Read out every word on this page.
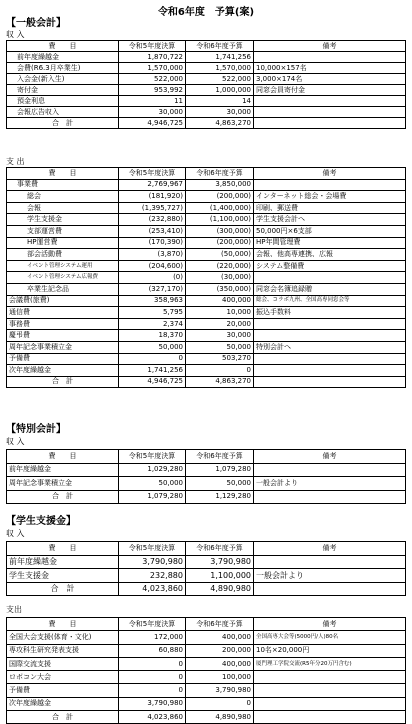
令和6年度　予算(案)
【一般会計】
収 入
費　　目	令和5年度決算	令和6年度予算	備考
前年度繰越金	1,870,722	1,741,256	
会費(R6.3月卒業生)	1,570,000	1,570,000	10,000×157名
入会金(新入生)	522,000	522,000	3,000×174名
寄付金	953,992	1,000,000	同窓会員寄付金
預金利息	11	14	
会報広告収入	30,000	30,000	
合　計	4,946,725	4,863,270	
支 出
費　　目	令和5年度決算	令和6年度予算	備考
事業費	2,769,967	3,850,000	
総会	(181,920)	(200,000)	インターネット総会・会場費
会報	(1,395,727)	(1,400,000)	印刷、郵送費
学生支援金	(232,880)	(1,100,000)	学生支援会計へ
支部運営費	(253,410)	(300,000)	50,000円×6支部
HP運営費	(170,390)	(200,000)	HP年間管理費
部会活動費	(3,870)	(50,000)	会報、他高専連携、広報
イベント管理システム運用	(204,600)	(220,000)	システム整備費
イベント管理システム広報費	(0)	(30,000)	
卒業生記念品	(327,170)	(350,000)	同窓会名簿追録贈
会議費(旅費)	358,963	400,000	総会、コラボ九州、全国高専同窓会等
通信費	5,795	10,000	振込手数料
事務費	2,374	20,000	
慶弔費	18,370	30,000	
周年記念事業積立金	50,000	50,000	特別会計へ
予備費	0	503,270	
次年度繰越金	1,741,256	0	
合　計	4,946,725	4,863,270	
【特別会計】
収 入
費　　目	令和5年度決算	令和6年度予算	備考
前年度繰越金	1,029,280	1,079,280	
周年記念事業積立金	50,000	50,000	一般会計より
合　計	1,079,280	1,129,280	
【学生支援金】
収 入
費　　目	令和5年度決算	令和6年度予算	備考
前年度繰越金	3,790,980	3,790,980	
学生支援金	232,880	1,100,000	一般会計より
合　計	4,023,860	4,890,980	
支出
費　　目	令和5年度決算	令和6年度予算	備考
全国大会支援(体育・文化)	172,000	400,000	全国高専大会等(5000円/人)80名
専攻科生研究発表支援	60,880	200,000	10名×20,000円
国際交流支援	0	400,000	厦門理工学院交流(R5年分20万円含む)
ロボコン大会	0	100,000	
予備費	0	3,790,980	
次年度繰越金	3,790,980	0	
合　計	4,023,860	4,890,980	
